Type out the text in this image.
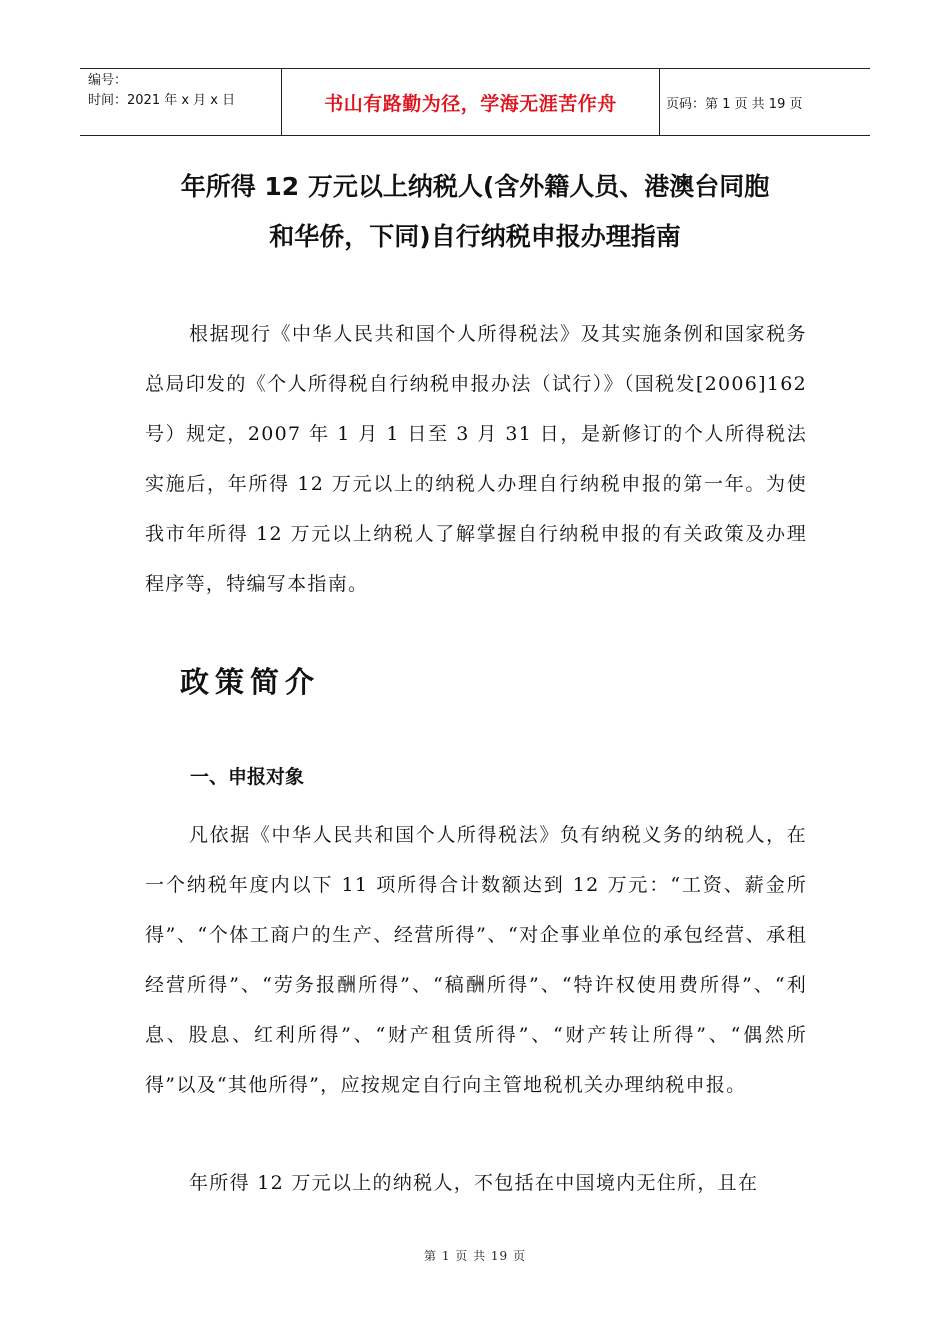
编号：
时间：2021 年 x 月 x 日	书山有路勤为径，学海无涯苦作舟	页码：第 1 页 共 19 页
年所得 12 万元以上纳税人(含外籍人员、港澳台同胞
和华侨，下同)自行纳税申报办理指南

根据现行《中华人民共和国个人所得税法》及其实施条例和国家税务总局印发的《个人所得税自行纳税申报办法（试行）》（国税发[2006]162 号）规定，2007 年 1 月 1 日至 3 月 31 日，是新修订的个人所得税法实施后，年所得 12 万元以上的纳税人办理自行纳税申报的第一年。为使我市年所得 12 万元以上纳税人了解掌握自行纳税申报的有关政策及办理程序等，特编写本指南。

政策简介
一、申报对象

凡依据《中华人民共和国个人所得税法》负有纳税义务的纳税人，在一个纳税年度内以下 11 项所得合计数额达到 12 万元：“工资、薪金所得”、“个体工商户的生产、经营所得”、“对企事业单位的承包经营、承租经营所得”、“劳务报酬所得”、“稿酬所得”、“特许权使用费所得”、“利息、股息、红利所得”、“财产租赁所得”、“财产转让所得”、“偶然所得”以及“其他所得”，应按规定自行向主管地税机关办理纳税申报。

年所得 12 万元以上的纳税人，不包括在中国境内无住所，且在

第 1 页 共 19 页
